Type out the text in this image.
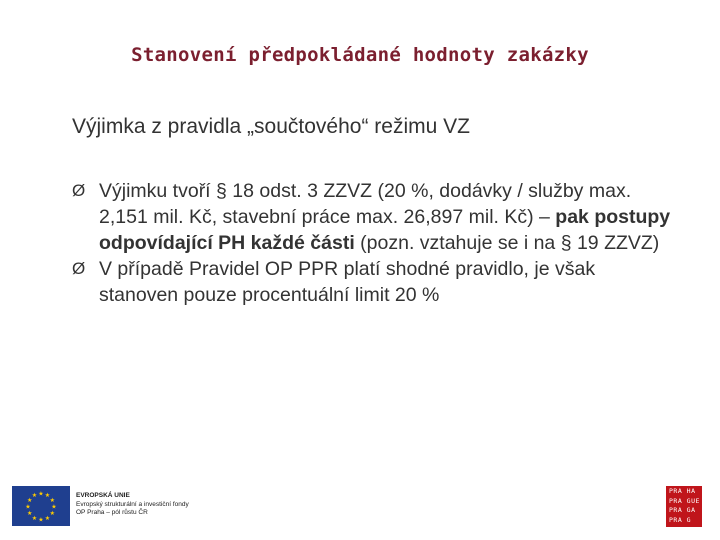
Stanovení předpokládané hodnoty zakázky
Výjimka z pravidla „součtového“ režimu VZ

Ø Výjimku tvoří § 18 odst. 3 ZZVZ (20 %, dodávky / služby max. 2,151 mil. Kč, stavební práce max. 26,897 mil. Kč) – pak postupy odpovídající PH každé části (pozn. vztahuje se i na § 19 ZZVZ)

Ø V případě Pravidel OP PPR platí shodné pravidlo, je však stanoven pouze procentuální limit 20 %

★
★
★
★
★
★
★
★
★ ★ ★
★
EVROPSKÁ UNIE
Evropský strukturální a investiční fondy
OP Praha – pól růstu ČR
PRA HA
PRA GUE
PRA GA
PRA G
